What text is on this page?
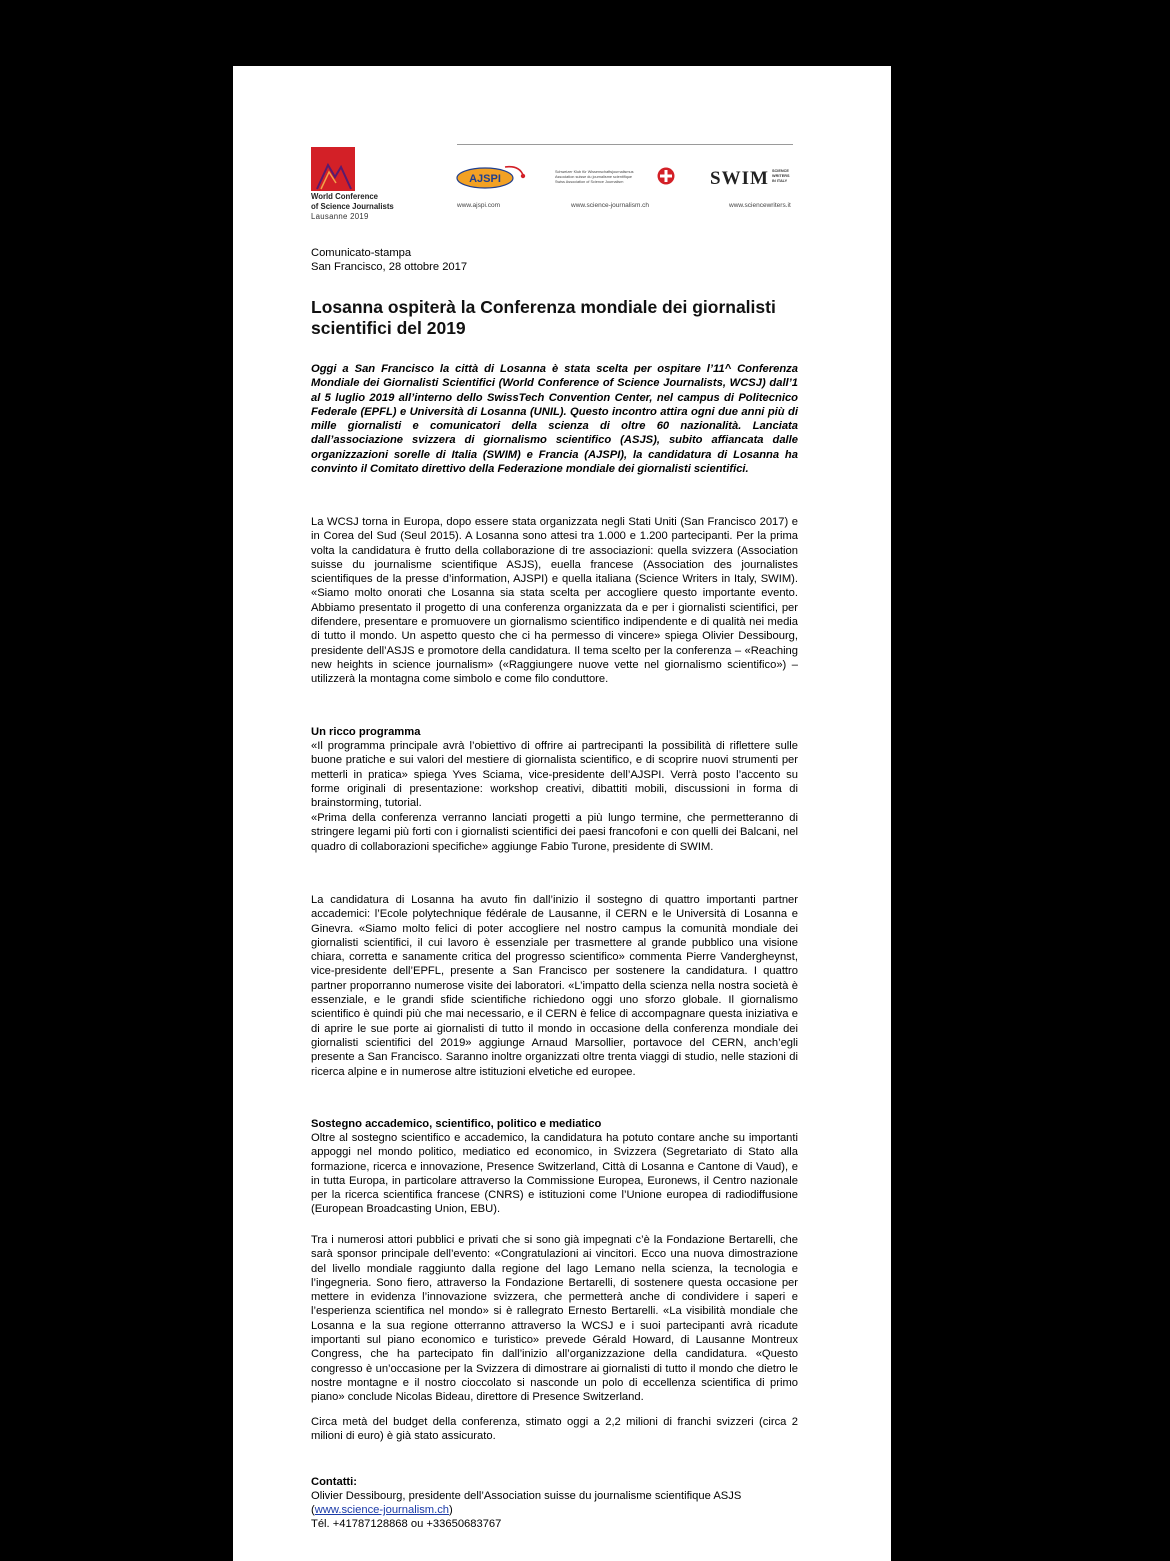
World Conference
of Science Journalists
Lausanne 2019
AJSPI
Schweizer Klub für Wissenschaftsjournalismus
Association suisse du journalisme scientifique
Swiss Association of Science Journalism	SWIM SCIENCE
WRITERS
IN ITALY
www.ajspi.com	www.science-journalism.ch	www.sciencewriters.it
Comunicato-stampa
San Francisco, 28 ottobre 2017
Losanna ospiterà la Conferenza mondiale dei giornalisti scientifici del 2019

Oggi a San Francisco la città di Losanna è stata scelta per ospitare l’11^ Conferenza Mondiale dei Giornalisti Scientifici (World Conference of Science Journalists, WCSJ) dall’1 al 5 luglio 2019 all’interno dello SwissTech Convention Center, nel campus di Politecnico Federale (EPFL) e Università di Losanna (UNIL). Questo incontro attira ogni due anni più di mille giornalisti e comunicatori della scienza di oltre 60 nazionalità. Lanciata dall’associazione svizzera di giornalismo scientifico (ASJS), subito affiancata dalle organizzazioni sorelle di Italia (SWIM) e Francia (AJSPI), la candidatura di Losanna ha convinto il Comitato direttivo della Federazione mondiale dei giornalisti scientifici.

La WCSJ torna in Europa, dopo essere stata organizzata negli Stati Uniti (San Francisco 2017) e in Corea del Sud (Seul 2015). A Losanna sono attesi tra 1.000 e 1.200 partecipanti. Per la prima volta la candidatura è frutto della collaborazione di tre associazioni: quella svizzera (Association suisse du journalisme scientifique ASJS), euella francese (Association des journalistes scientifiques de la presse d’information, AJSPI) e quella italiana (Science Writers in Italy, SWIM). «Siamo molto onorati che Losanna sia stata scelta per accogliere questo importante evento. Abbiamo presentato il progetto di una conferenza organizzata da e per i giornalisti scientifici, per difendere, presentare e promuovere un giornalismo scientifico indipendente e di qualità nei media di tutto il mondo. Un aspetto questo che ci ha permesso di vincere» spiega Olivier Dessibourg, presidente dell’ASJS e promotore della candidatura. Il tema scelto per la conferenza – «Reaching new heights in science journalism» («Raggiungere nuove vette nel giornalismo scientifico») – utilizzerà la montagna come simbolo e come filo conduttore.

Un ricco programma

«Il programma principale avrà l’obiettivo di offrire ai partrecipanti la possibilità di riflettere sulle buone pratiche e sui valori del mestiere di giornalista scientifico, e di scoprire nuovi strumenti per metterli in pratica» spiega Yves Sciama, vice-presidente dell’AJSPI. Verrà posto l’accento su forme originali di presentazione: workshop creativi, dibattiti mobili, discussioni in forma di brainstorming, tutorial.

«Prima della conferenza verranno lanciati progetti a più lungo termine, che permetteranno di stringere legami più forti con i giornalisti scientifici dei paesi francofoni e con quelli dei Balcani, nel quadro di collaborazioni specifiche» aggiunge Fabio Turone, presidente di SWIM.

La candidatura di Losanna ha avuto fin dall’inizio il sostegno di quattro importanti partner accademici: l’Ecole polytechnique fédérale de Lausanne, il CERN e le Università di Losanna e Ginevra. «Siamo molto felici di poter accogliere nel nostro campus la comunità mondiale dei giornalisti scientifici, il cui lavoro è essenziale per trasmettere al grande pubblico una visione chiara, corretta e sanamente critica del progresso scientifico» commenta Pierre Vandergheynst, vice-presidente dell’EPFL, presente a San Francisco per sostenere la candidatura. I quattro partner proporranno numerose visite dei laboratori. «L’impatto della scienza nella nostra società è essenziale, e le grandi sfide scientifiche richiedono oggi uno sforzo globale. Il giornalismo scientifico è quindi più che mai necessario, e il CERN è felice di accompagnare questa iniziativa e di aprire le sue porte ai giornalisti di tutto il mondo in occasione della conferenza mondiale dei giornalisti scientifici del 2019» aggiunge Arnaud Marsollier, portavoce del CERN, anch’egli presente a San Francisco. Saranno inoltre organizzati oltre trenta viaggi di studio, nelle stazioni di ricerca alpine e in numerose altre istituzioni elvetiche ed europee.

Sostegno accademico, scientifico, politico e mediatico

Oltre al sostegno scientifico e accademico, la candidatura ha potuto contare anche su importanti appoggi nel mondo politico, mediatico ed economico, in Svizzera (Segretariato di Stato alla formazione, ricerca e innovazione, Presence Switzerland, Città di Losanna e Cantone di Vaud), e in tutta Europa, in particolare attraverso la Commissione Europea, Euronews, il Centro nazionale per la ricerca scientifica francese (CNRS) e istituzioni come l’Unione europea di radiodiffusione (European Broadcasting Union, EBU).

Tra i numerosi attori pubblici e privati che si sono già impegnati c’è la Fondazione Bertarelli, che sarà sponsor principale dell’evento: «Congratulazioni ai vincitori. Ecco una nuova dimostrazione del livello mondiale raggiunto dalla regione del lago Lemano nella scienza, la tecnologia e l’ingegneria. Sono fiero, attraverso la Fondazione Bertarelli, di sostenere questa occasione per mettere in evidenza l’innovazione svizzera, che permetterà anche di condividere i saperi e l’esperienza scientifica nel mondo» si è rallegrato Ernesto Bertarelli. «La visibilità mondiale che Losanna e la sua regione otterranno attraverso la WCSJ e i suoi partecipanti avrà ricadute importanti sul piano economico e turistico» prevede Gérald Howard, di Lausanne Montreux Congress, che ha partecipato fin dall’inizio all’organizzazione della candidatura. «Questo congresso è un’occasione per la Svizzera di dimostrare ai giornalisti di tutto il mondo che dietro le nostre montagne e il nostro cioccolato si nasconde un polo di eccellenza scientifica di primo piano» conclude Nicolas Bideau, direttore di Presence Switzerland.

Circa metà del budget della conferenza, stimato oggi a 2,2 milioni di franchi svizzeri (circa 2 milioni di euro) è già stato assicurato.

Contatti:
Olivier Dessibourg, presidente dell’Association suisse du journalisme scientifique ASJS
(www.science-journalism.ch)
Tél. +41787128868 ou +33650683767
